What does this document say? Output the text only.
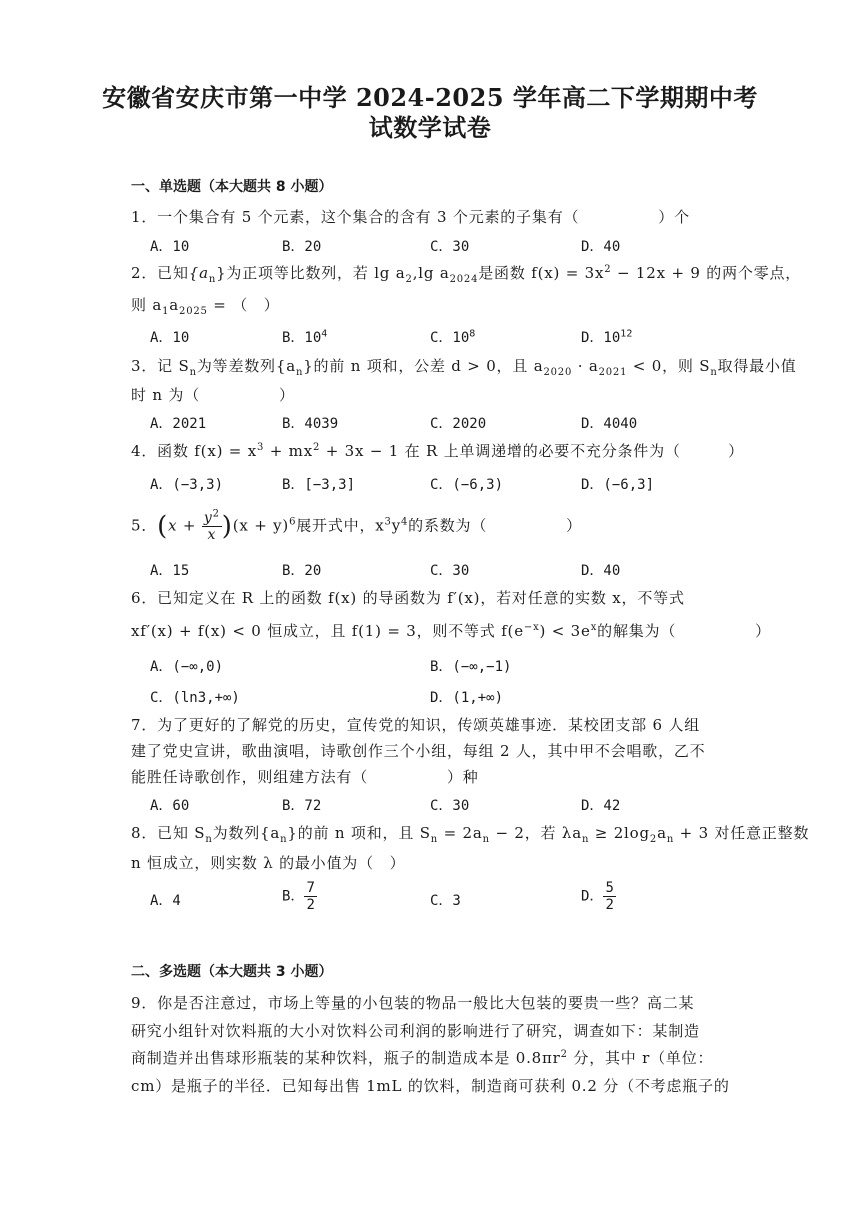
安徽省安庆市第一中学 2024-2025 学年高二下学期期中考
试数学试卷
一、单选题（本大题共 8 小题）
1．一个集合有 5 个元素，这个集合的含有 3 个元素的子集有（　　　　　）个
A．10	B．20	C．30	D．40
2．已知$\{a_n\}$为正项等比数列，若 $\lg a_2,\lg$ $a_{2024}$是函数 $f(x) = 3x^2 - 12x + 9$ 的两个零点，
则 $a_1a_{2025}$ = （　）
A．10	B．$10^4$	C．$10^8$	D．$10^{12}$
3．记 $S_n$为等差数列$\{a_n\}$的前 n 项和，公差 d > 0，且 $a_{2020} \cdot a_{2021} < 0$，则 $S_n$取得最小值
时 n 为（　　　　　）
A．2021	B．4039	C．2020	D．4040
4．函数 $f(x) = x^3 + mx^2 + 3x - 1$ 在 R 上单调递增的必要不充分条件为（　　　）
A．(−3,3)	B．[−3,3]	C．(−6,3)	D．(−6,3]
5．$(x + \frac{y^2}{x} )(x + y)^6$展开式中，$x^3y^4$的系数为（　　　　　）
A．15	B．20	C．30	D．40
6．已知定义在 R 上的函数 f(x) 的导函数为 f′(x)，若对任意的实数 x，不等式
xf′(x) + f(x) < 0 恒成立，且 f(1) = 3，则不等式 $f(e^{-x}) < 3e^x$的解集为（　　　　　）
A．(−∞,0)	B．(−∞,−1)
C．(ln3,+∞)	D．(1,+∞)
7．为了更好的了解党的历史，宣传党的知识，传颂英雄事迹．某校团支部 6 人组
建了党史宣讲，歌曲演唱，诗歌创作三个小组，每组 2 人，其中甲不会唱歌，乙不
能胜任诗歌创作，则组建方法有（　　　　　）种
A．60	B．72	C．30	D．42
8．已知 $S_n$为数列$\{a_n\}$的前 n 项和，且 $S_n = 2a_n - 2$，若 $\lambda a_n \ge 2\log_2a_n + 3$ 对任意正整数
n 恒成立，则实数 λ 的最小值为（　）
A．4	B． $\frac{7}{2}$	C．3	D． $\frac{5}{2}$
二、多选题（本大题共 3 小题）
9．你是否注意过，市场上等量的小包装的物品一般比大包装的要贵一些？高二某
研究小组针对饮料瓶的大小对饮料公司利润的影响进行了研究，调查如下：某制造
商制造并出售球形瓶装的某种饮料，瓶子的制造成本是 $0.8\pi r^2$ 分，其中 r（单位：
cm）是瓶子的半径．已知每出售 1mL 的饮料，制造商可获利 0.2 分（不考虑瓶子的
